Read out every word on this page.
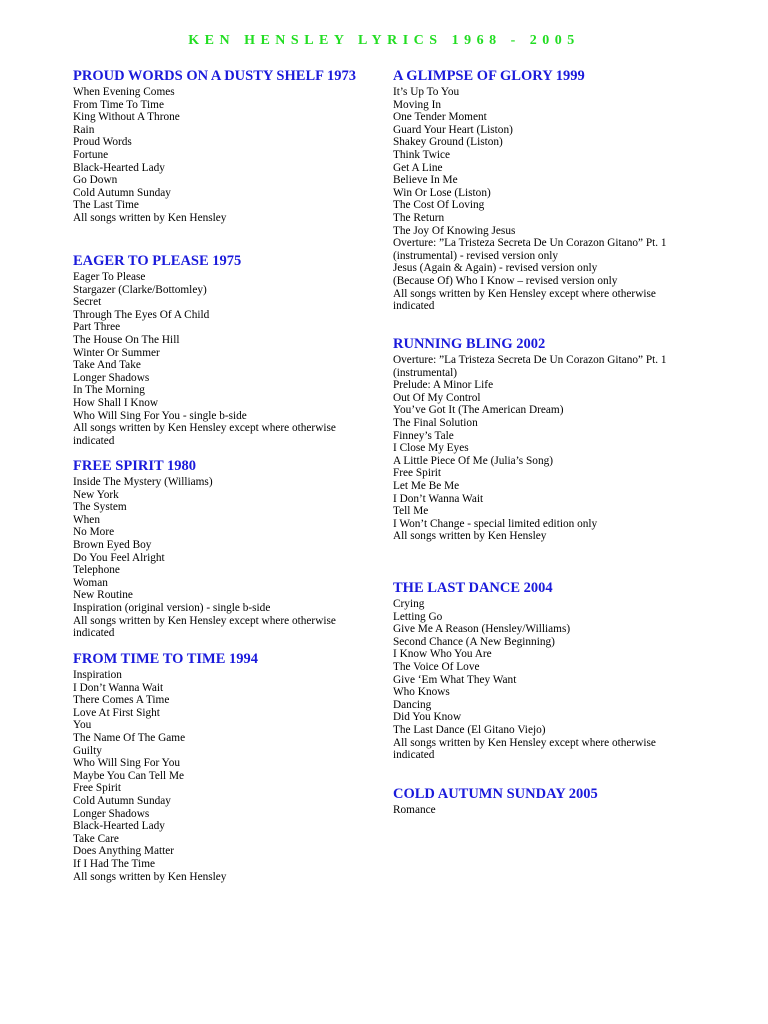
KEN HENSLEY LYRICS 1968 - 2005
PROUD WORDS ON A DUSTY SHELF 1973
When Evening Comes
From Time To Time
King Without A Throne
Rain
Proud Words
Fortune
Black-Hearted Lady
Go Down
Cold Autumn Sunday
The Last Time
All songs written by Ken Hensley
EAGER TO PLEASE 1975
Eager To Please
Stargazer (Clarke/Bottomley)
Secret
Through The Eyes Of A Child
Part Three
The House On The Hill
Winter Or Summer
Take And Take
Longer Shadows
In The Morning
How Shall I Know
Who Will Sing For You - single b-side
All songs written by Ken Hensley except where otherwise indicated
FREE SPIRIT 1980
Inside The Mystery (Williams)
New York
The System
When
No More
Brown Eyed Boy
Do You Feel Alright
Telephone
Woman
New Routine
Inspiration (original version) - single b-side
All songs written by Ken Hensley except where otherwise indicated
FROM TIME TO TIME 1994
Inspiration
I Don’t Wanna Wait
There Comes A Time
Love At First Sight
You
The Name Of The Game
Guilty
Who Will Sing For You
Maybe You Can Tell Me
Free Spirit
Cold Autumn Sunday
Longer Shadows
Black-Hearted Lady
Take Care
Does Anything Matter
If I Had The Time
All songs written by Ken Hensley
A GLIMPSE OF GLORY 1999
It’s Up To You
Moving In
One Tender Moment
Guard Your Heart (Liston)
Shakey Ground (Liston)
Think Twice
Get A Line
Believe In Me
Win Or Lose (Liston)
The Cost Of Loving
The Return
The Joy Of Knowing Jesus
Overture: ”La Tristeza Secreta De Un Corazon Gitano” Pt. 1 (instrumental) - revised version only
Jesus (Again & Again) - revised version only
(Because Of) Who I Know – revised version only
All songs written by Ken Hensley except where otherwise indicated
RUNNING BLING 2002
Overture: ”La Tristeza Secreta De Un Corazon Gitano” Pt. 1 (instrumental)
Prelude: A Minor Life
Out Of My Control
You’ve Got It (The American Dream)
The Final Solution
Finney’s Tale
I Close My Eyes
A Little Piece Of Me (Julia’s Song)
Free Spirit
Let Me Be Me
I Don’t Wanna Wait
Tell Me
I Won’t Change - special limited edition only
All songs written by Ken Hensley
THE LAST DANCE 2004
Crying
Letting Go
Give Me A Reason (Hensley/Williams)
Second Chance (A New Beginning)
I Know Who You Are
The Voice Of Love
Give ‘Em What They Want
Who Knows
Dancing
Did You Know
The Last Dance (El Gitano Viejo)
All songs written by Ken Hensley except where otherwise indicated
COLD AUTUMN SUNDAY 2005
Romance
